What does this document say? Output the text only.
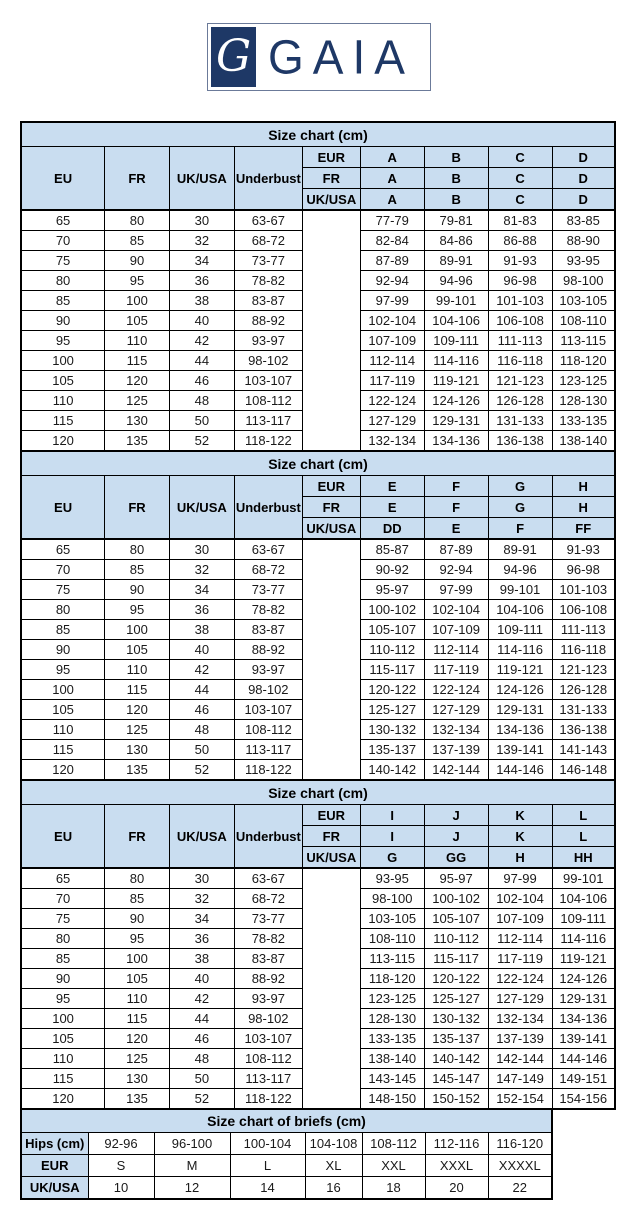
G GAIA
Size chart (cm)								
EU	FR	UK/USA	Underbust	EUR	A	B	C	D
				FR	A	B	C	D
				UK/USA	A	B	C	D
65	80	30	63-67		77-79	79-81	81-83	83-85
70	85	32	68-72		82-84	84-86	86-88	88-90
75	90	34	73-77		87-89	89-91	91-93	93-95
80	95	36	78-82		92-94	94-96	96-98	98-100
85	100	38	83-87		97-99	99-101	101-103	103-105
90	105	40	88-92		102-104	104-106	106-108	108-110
95	110	42	93-97		107-109	109-111	111-113	113-115
100	115	44	98-102		112-114	114-116	116-118	118-120
105	120	46	103-107		117-119	119-121	121-123	123-125
110	125	48	108-112		122-124	124-126	126-128	128-130
115	130	50	113-117		127-129	129-131	131-133	133-135
120	135	52	118-122		132-134	134-136	136-138	138-140
Size chart (cm)								
EU	FR	UK/USA	Underbust	EUR	E	F	G	H
				FR	E	F	G	H
				UK/USA	DD	E	F	FF
65	80	30	63-67		85-87	87-89	89-91	91-93
70	85	32	68-72		90-92	92-94	94-96	96-98
75	90	34	73-77		95-97	97-99	99-101	101-103
80	95	36	78-82		100-102	102-104	104-106	106-108
85	100	38	83-87		105-107	107-109	109-111	111-113
90	105	40	88-92		110-112	112-114	114-116	116-118
95	110	42	93-97		115-117	117-119	119-121	121-123
100	115	44	98-102		120-122	122-124	124-126	126-128
105	120	46	103-107		125-127	127-129	129-131	131-133
110	125	48	108-112		130-132	132-134	134-136	136-138
115	130	50	113-117		135-137	137-139	139-141	141-143
120	135	52	118-122		140-142	142-144	144-146	146-148
Size chart (cm)								
EU	FR	UK/USA	Underbust	EUR	I	J	K	L
				FR	I	J	K	L
				UK/USA	G	GG	H	HH
65	80	30	63-67		93-95	95-97	97-99	99-101
70	85	32	68-72		98-100	100-102	102-104	104-106
75	90	34	73-77		103-105	105-107	107-109	109-111
80	95	36	78-82		108-110	110-112	112-114	114-116
85	100	38	83-87		113-115	115-117	117-119	119-121
90	105	40	88-92		118-120	120-122	122-124	124-126
95	110	42	93-97		123-125	125-127	127-129	129-131
100	115	44	98-102		128-130	130-132	132-134	134-136
105	120	46	103-107		133-135	135-137	137-139	139-141
110	125	48	108-112		138-140	140-142	142-144	144-146
115	130	50	113-117		143-145	145-147	147-149	149-151
120	135	52	118-122		148-150	150-152	152-154	154-156
Size chart of briefs (cm)							
Hips (cm)	92-96	96-100	100-104	104-108	108-112	112-116	116-120
EUR	S	M	L	XL	XXL	XXXL	XXXXL
UK/USA	10	12	14	16	18	20	22
